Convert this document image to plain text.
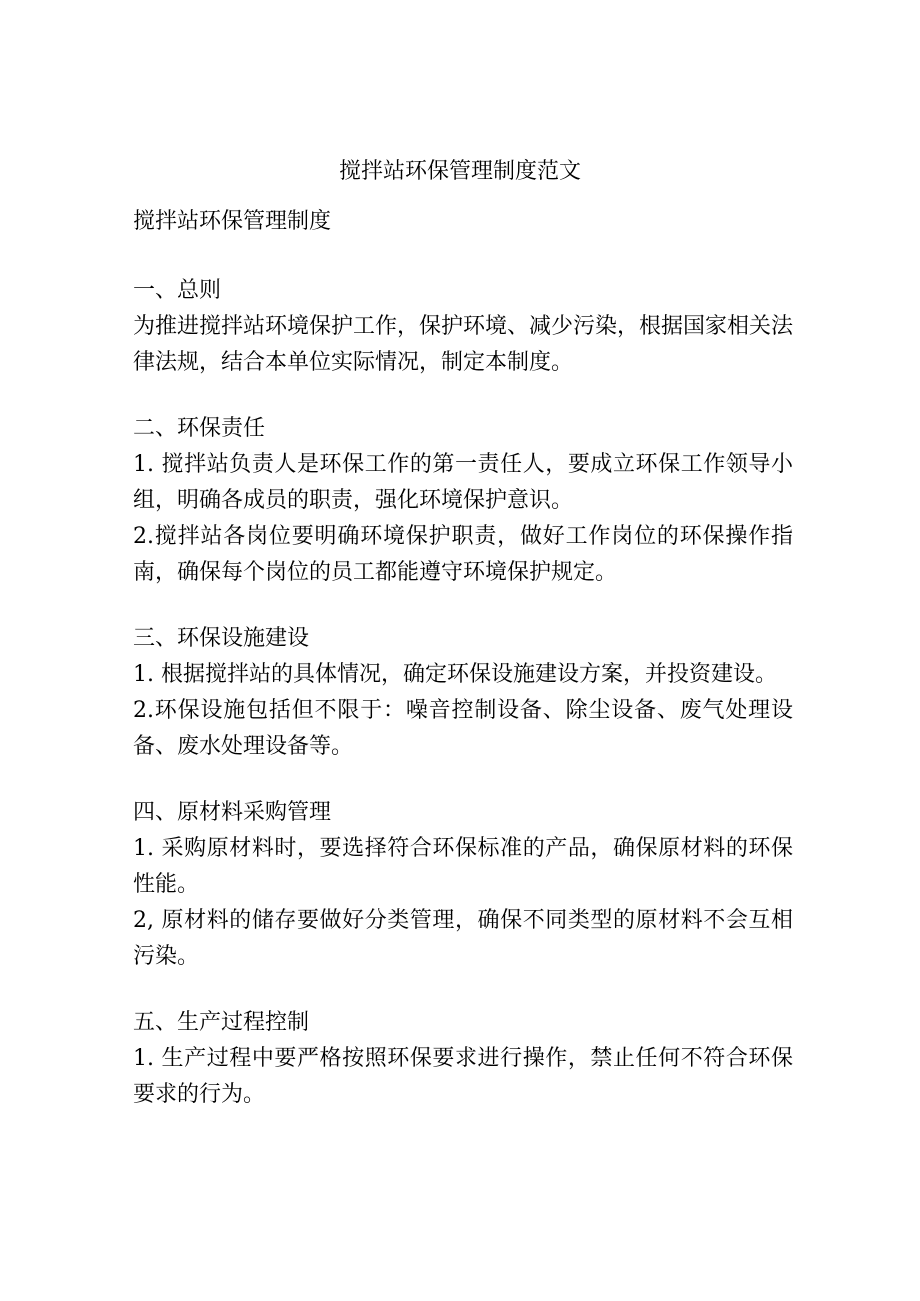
搅拌站环保管理制度范文
搅拌站环保管理制度
一、总则
为推进搅拌站环境保护工作，保护环境、减少污染，根据国家相关法律法规，结合本单位实际情况，制定本制度。
二、环保责任
1. 搅拌站负责人是环保工作的第一责任人，要成立环保工作领导小组，明确各成员的职责，强化环境保护意识。
2.搅拌站各岗位要明确环境保护职责，做好工作岗位的环保操作指南，确保每个岗位的员工都能遵守环境保护规定。
三、环保设施建设
1. 根据搅拌站的具体情况，确定环保设施建设方案，并投资建设。
2.环保设施包括但不限于：噪音控制设备、除尘设备、废气处理设备、废水处理设备等。
四、原材料采购管理
1. 采购原材料时，要选择符合环保标准的产品，确保原材料的环保性能。
2, 原材料的储存要做好分类管理，确保不同类型的原材料不会互相污染。
五、生产过程控制
1. 生产过程中要严格按照环保要求进行操作，禁止任何不符合环保要求的行为。
